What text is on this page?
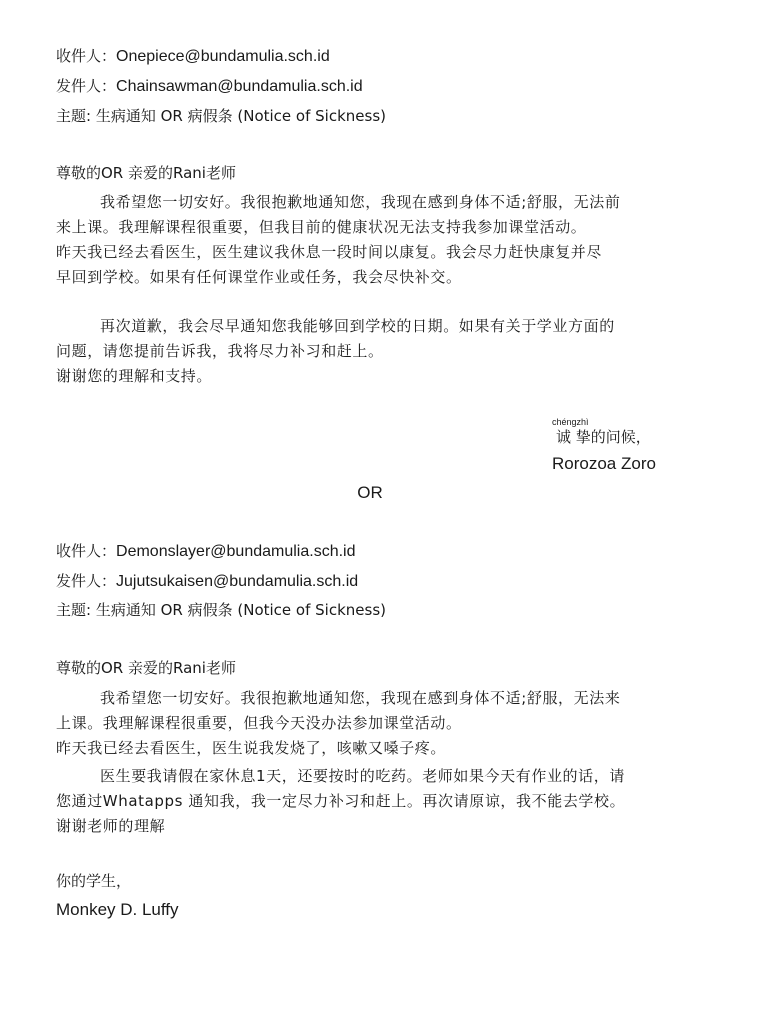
收件人：Onepiece@bundamulia.sch.id
发件人：Chainsawman@bundamulia.sch.id
主题: 生病通知 OR 病假条 (Notice of Sickness)
尊敬的OR 亲爱的Rani老师
我希望您一切安好。我很抱歉地通知您，我现在感到身体不适;舒服，无法前
来上课。我理解课程很重要，但我目前的健康状况无法支持我参加课堂活动。
昨天我已经去看医生，医生建议我休息一段时间以康复。我会尽力赶快康复并尽
早回到学校。如果有任何课堂作业或任务，我会尽快补交。
再次道歉，我会尽早通知您我能够回到学校的日期。如果有关于学业方面的
问题，请您提前告诉我，我将尽力补习和赶上。
谢谢您的理解和支持。
chéngzhì
诚 挚的问候，
Rorozoa Zoro
OR
收件人：Demonslayer@bundamulia.sch.id
发件人：Jujutsukaisen@bundamulia.sch.id
主题: 生病通知 OR 病假条 (Notice of Sickness)
尊敬的OR 亲爱的Rani老师
我希望您一切安好。我很抱歉地通知您，我现在感到身体不适;舒服，无法来
上课。我理解课程很重要，但我今天没办法参加课堂活动。
昨天我已经去看医生，医生说我发烧了，咳嗽又嗓子疼。
医生要我请假在家休息1天，还要按时的吃药。老师如果今天有作业的话，请
您通过Whatapps 通知我，我一定尽力补习和赶上。再次请原谅，我不能去学校。
谢谢老师的理解
你的学生，
Monkey D. Luffy
